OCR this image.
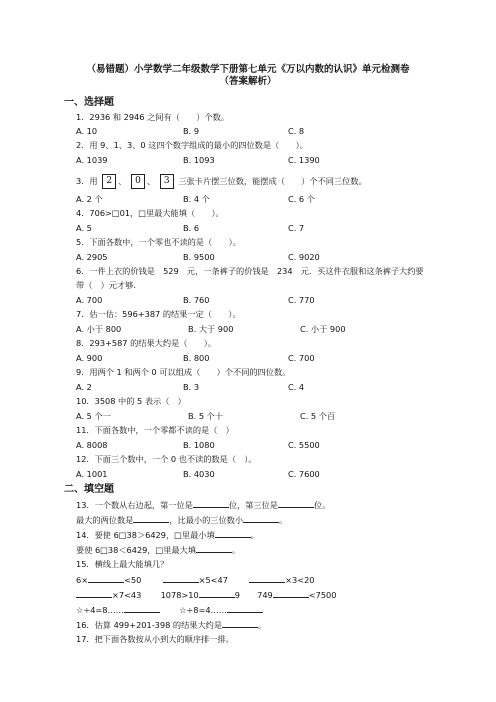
（易错题）小学数学二年级数学下册第七单元《万以内数的认识》单元检测卷
（答案解析）
一、选择题
1．2936 和 2946 之间有（　　）个数。
A. 10	B. 9	C. 8
2．用 9、1、3、0 这四个数字组成的最小的四位数是（　　）。
A. 1039	B. 1093	C. 1390
3．用 2 、 0 、 3 三张卡片摆三位数，能摆成（　　）个不同三位数。
A. 2 个	B. 4 个	C. 6 个
4．706>□01，□里最大能填（　　）。
A. 5	B. 6	C. 7
5．下面各数中，一个零也不读的是（　　）。
A. 2905	B. 9500	C. 9020
6．一件上衣的价钱是　529　元，一条裤子的价钱是　234　元．买这件衣服和这条裤子大约要
带（　）元才够．
A. 700	B. 760	C. 770
7．估一估：596+387 的结果一定（　　）。
A. 小于 800	B. 大于 900	C. 小于 900
8．293+587 的结果大约是（　　）。
A. 900	B. 800	C. 700
9．用两个 1 和两个 0 可以组成（　　）个不同的四位数。
A. 2	B. 3	C. 4
10．3508 中的 5 表示（　）
A. 5 个一	B. 5 个十	C. 5 个百
11．下面各数中，一个零都不读的是（　）
A. 8008	B. 1080	C. 5500
12．下面三个数中，一个 0 也不读的数是（　）。
A. 1001	B. 4030	C. 7600
二、填空题
13．一个数从右边起，第一位是	位，第三位是	位。
最大的两位数是	，比最小的三位数小	。
14．要使 6□38＞6429，□里最小填	。
要使 6□38＜6429，□里最大填	。
15．横线上最大能填几？
6×	<50	×5<47	×3<20
×7<43 1078>10	9 749	<7500
☆÷4=8……	☆÷8=4……
16．估算 499+201-398 的结果大约是	。
17．把下面各数按从小到大的顺序排一排。
